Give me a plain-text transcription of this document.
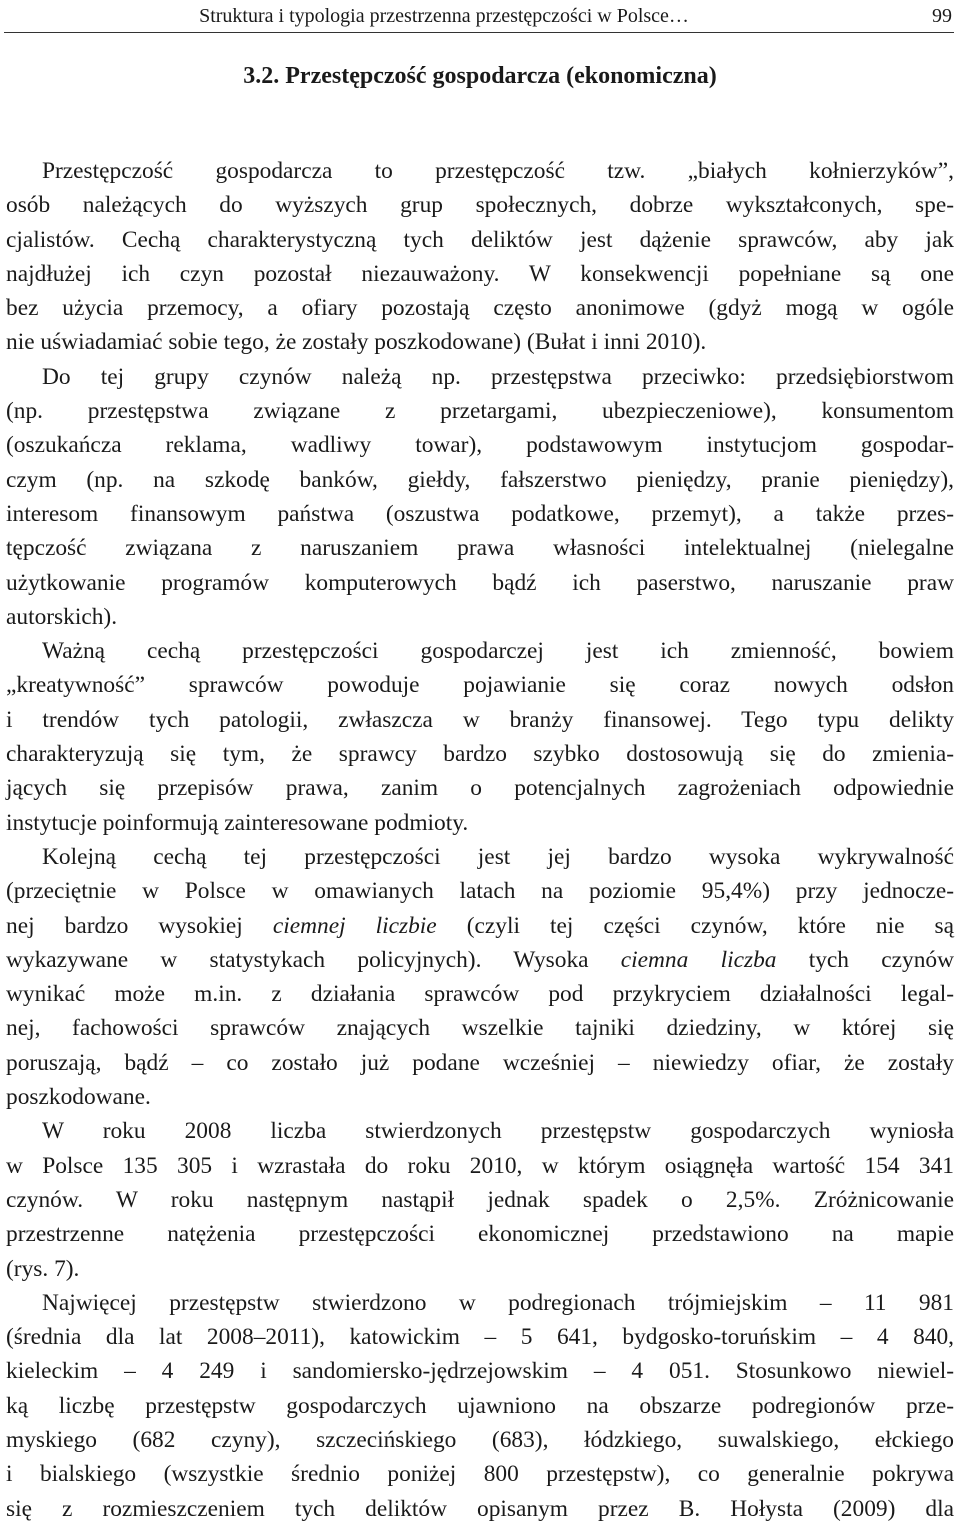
Struktura i typologia przestrzenna przestępczości w Polsce…	99
3.2. Przestępczość gospodarcza (ekonomiczna)
Przestępczość gospodarcza to przestępczość tzw. „białych kołnierzyków”,
osób należących do wyższych grup społecznych, dobrze wykształconych, spe-
cjalistów. Cechą charakterystyczną tych deliktów jest dążenie sprawców, aby jak
najdłużej ich czyn pozostał niezauważony. W konsekwencji popełniane są one
bez użycia przemocy, a ofiary pozostają często anonimowe (gdyż mogą w ogóle
nie uświadamiać sobie tego, że zostały poszkodowane) (Bułat i inni 2010).
Do tej grupy czynów należą np. przestępstwa przeciwko: przedsiębiorstwom
(np. przestępstwa związane z przetargami, ubezpieczeniowe), konsumentom
(oszukańcza reklama, wadliwy towar), podstawowym instytucjom gospodar-
czym (np. na szkodę banków, giełdy, fałszerstwo pieniędzy, pranie pieniędzy),
interesom finansowym państwa (oszustwa podatkowe, przemyt), a także przes-
tępczość związana z naruszaniem prawa własności intelektualnej (nielegalne
użytkowanie programów komputerowych bądź ich paserstwo, naruszanie praw
autorskich).
Ważną cechą przestępczości gospodarczej jest ich zmienność, bowiem
„kreatywność” sprawców powoduje pojawianie się coraz nowych odsłon
i trendów tych patologii, zwłaszcza w branży finansowej. Tego typu delikty
charakteryzują się tym, że sprawcy bardzo szybko dostosowują się do zmienia-
jących się przepisów prawa, zanim o potencjalnych zagrożeniach odpowiednie
instytucje poinformują zainteresowane podmioty.
Kolejną cechą tej przestępczości jest jej bardzo wysoka wykrywalność
(przeciętnie w Polsce w omawianych latach na poziomie 95,4%) przy jednocze-
nej bardzo wysokiej ciemnej liczbie (czyli tej części czynów, które nie są
wykazywane w statystykach policyjnych). Wysoka ciemna liczba tych czynów
wynikać może m.in. z działania sprawców pod przykryciem działalności legal-
nej, fachowości sprawców znających wszelkie tajniki dziedziny, w której się
poruszają, bądź – co zostało już podane wcześniej – niewiedzy ofiar, że zostały
poszkodowane.
W roku 2008 liczba stwierdzonych przestępstw gospodarczych wyniosła
w Polsce 135 305 i wzrastała do roku 2010, w którym osiągnęła wartość 154 341
czynów. W roku następnym nastąpił jednak spadek o 2,5%. Zróżnicowanie
przestrzenne natężenia przestępczości ekonomicznej przedstawiono na mapie
(rys. 7).
Najwięcej przestępstw stwierdzono w podregionach trójmiejskim – 11 981
(średnia dla lat 2008–2011), katowickim – 5 641, bydgosko-toruńskim – 4 840,
kieleckim – 4 249 i sandomiersko-jędrzejowskim – 4 051. Stosunkowo niewiel-
ką liczbę przestępstw gospodarczych ujawniono na obszarze podregionów prze-
myskiego (682 czyny), szczecińskiego (683), łódzkiego, suwalskiego, ełckiego
i bialskiego (wszystkie średnio poniżej 800 przestępstw), co generalnie pokrywa
się z rozmieszczeniem tych deliktów opisanym przez B. Hołysta (2009) dla
